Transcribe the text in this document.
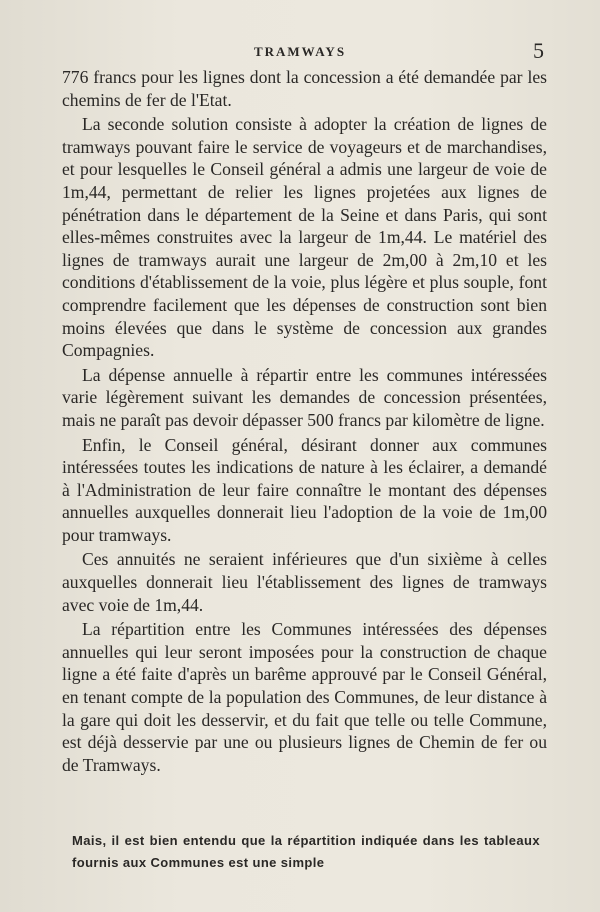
TRAMWAYS	5

776 francs pour les lignes dont la concession a été demandée par les chemins de fer de l'Etat.

La seconde solution consiste à adopter la création de lignes de tramways pouvant faire le service de voyageurs et de marchandises, et pour lesquelles le Conseil général a admis une largeur de voie de 1m,44, permettant de relier les lignes projetées aux lignes de pénétration dans le département de la Seine et dans Paris, qui sont elles-mêmes construites avec la largeur de 1m,44. Le matériel des lignes de tramways aurait une largeur de 2m,00 à 2m,10 et les conditions d'établissement de la voie, plus légère et plus souple, font comprendre facilement que les dépenses de construction sont bien moins élevées que dans le système de concession aux grandes Compagnies.

La dépense annuelle à répartir entre les communes intéressées varie légèrement suivant les demandes de concession présentées, mais ne paraît pas devoir dépasser 500 francs par kilomètre de ligne.

Enfin, le Conseil général, désirant donner aux communes intéressées toutes les indications de nature à les éclairer, a demandé à l'Administration de leur faire connaître le montant des dépenses annuelles auxquelles donnerait lieu l'adoption de la voie de 1m,00 pour tramways.

Ces annuités ne seraient inférieures que d'un sixième à celles auxquelles donnerait lieu l'établissement des lignes de tramways avec voie de 1m,44.

La répartition entre les Communes intéressées des dépenses annuelles qui leur seront imposées pour la construction de chaque ligne a été faite d'après un barême approuvé par le Conseil Général, en tenant compte de la population des Communes, de leur distance à la gare qui doit les desservir, et du fait que telle ou telle Commune, est déjà desservie par une ou plusieurs lignes de Chemin de fer ou de Tramways.

Mais, il est bien entendu que la répartition indiquée dans les tableaux fournis aux Communes est une simple
